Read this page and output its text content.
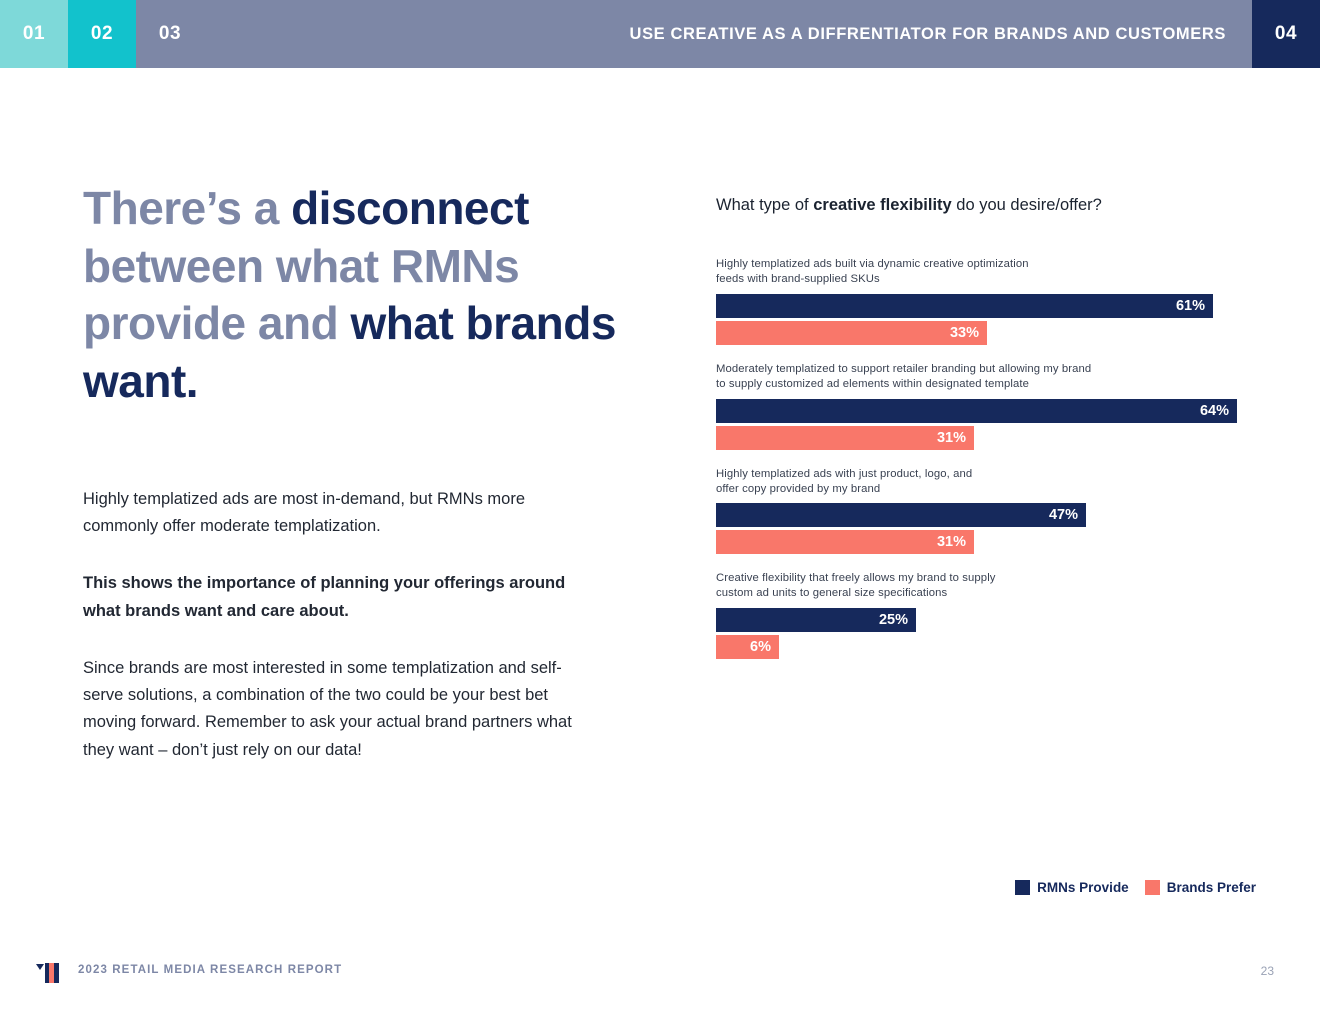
01 02 03	USE CREATIVE AS A DIFFRENTIATOR FOR BRANDS AND CUSTOMERS	04
There’s a disconnect between what RMNs provide and what brands want.

Highly templatized ads are most in-demand, but RMNs more commonly offer moderate templatization.

This shows the importance of planning your offerings around what brands want and care about.

Since brands are most interested in some templatization and self-serve solutions, a combination of the two could be your best bet moving forward. Remember to ask your actual brand partners what they want – don’t just rely on our data!

What type of creative flexibility do you desire/offer?
Highly templatized ads built via dynamic creative optimization
feeds with brand-supplied SKUs
61%
33%
Moderately templatized to support retailer branding but allowing my brand
to supply customized ad elements within designated template
64%
31%
Highly templatized ads with just product, logo, and
offer copy provided by my brand
47%
31%
Creative flexibility that freely allows my brand to supply
custom ad units to general size specifications
25%
6%
RMNs Provide	Brands Prefer
2023 RETAIL MEDIA RESEARCH REPORT	23
